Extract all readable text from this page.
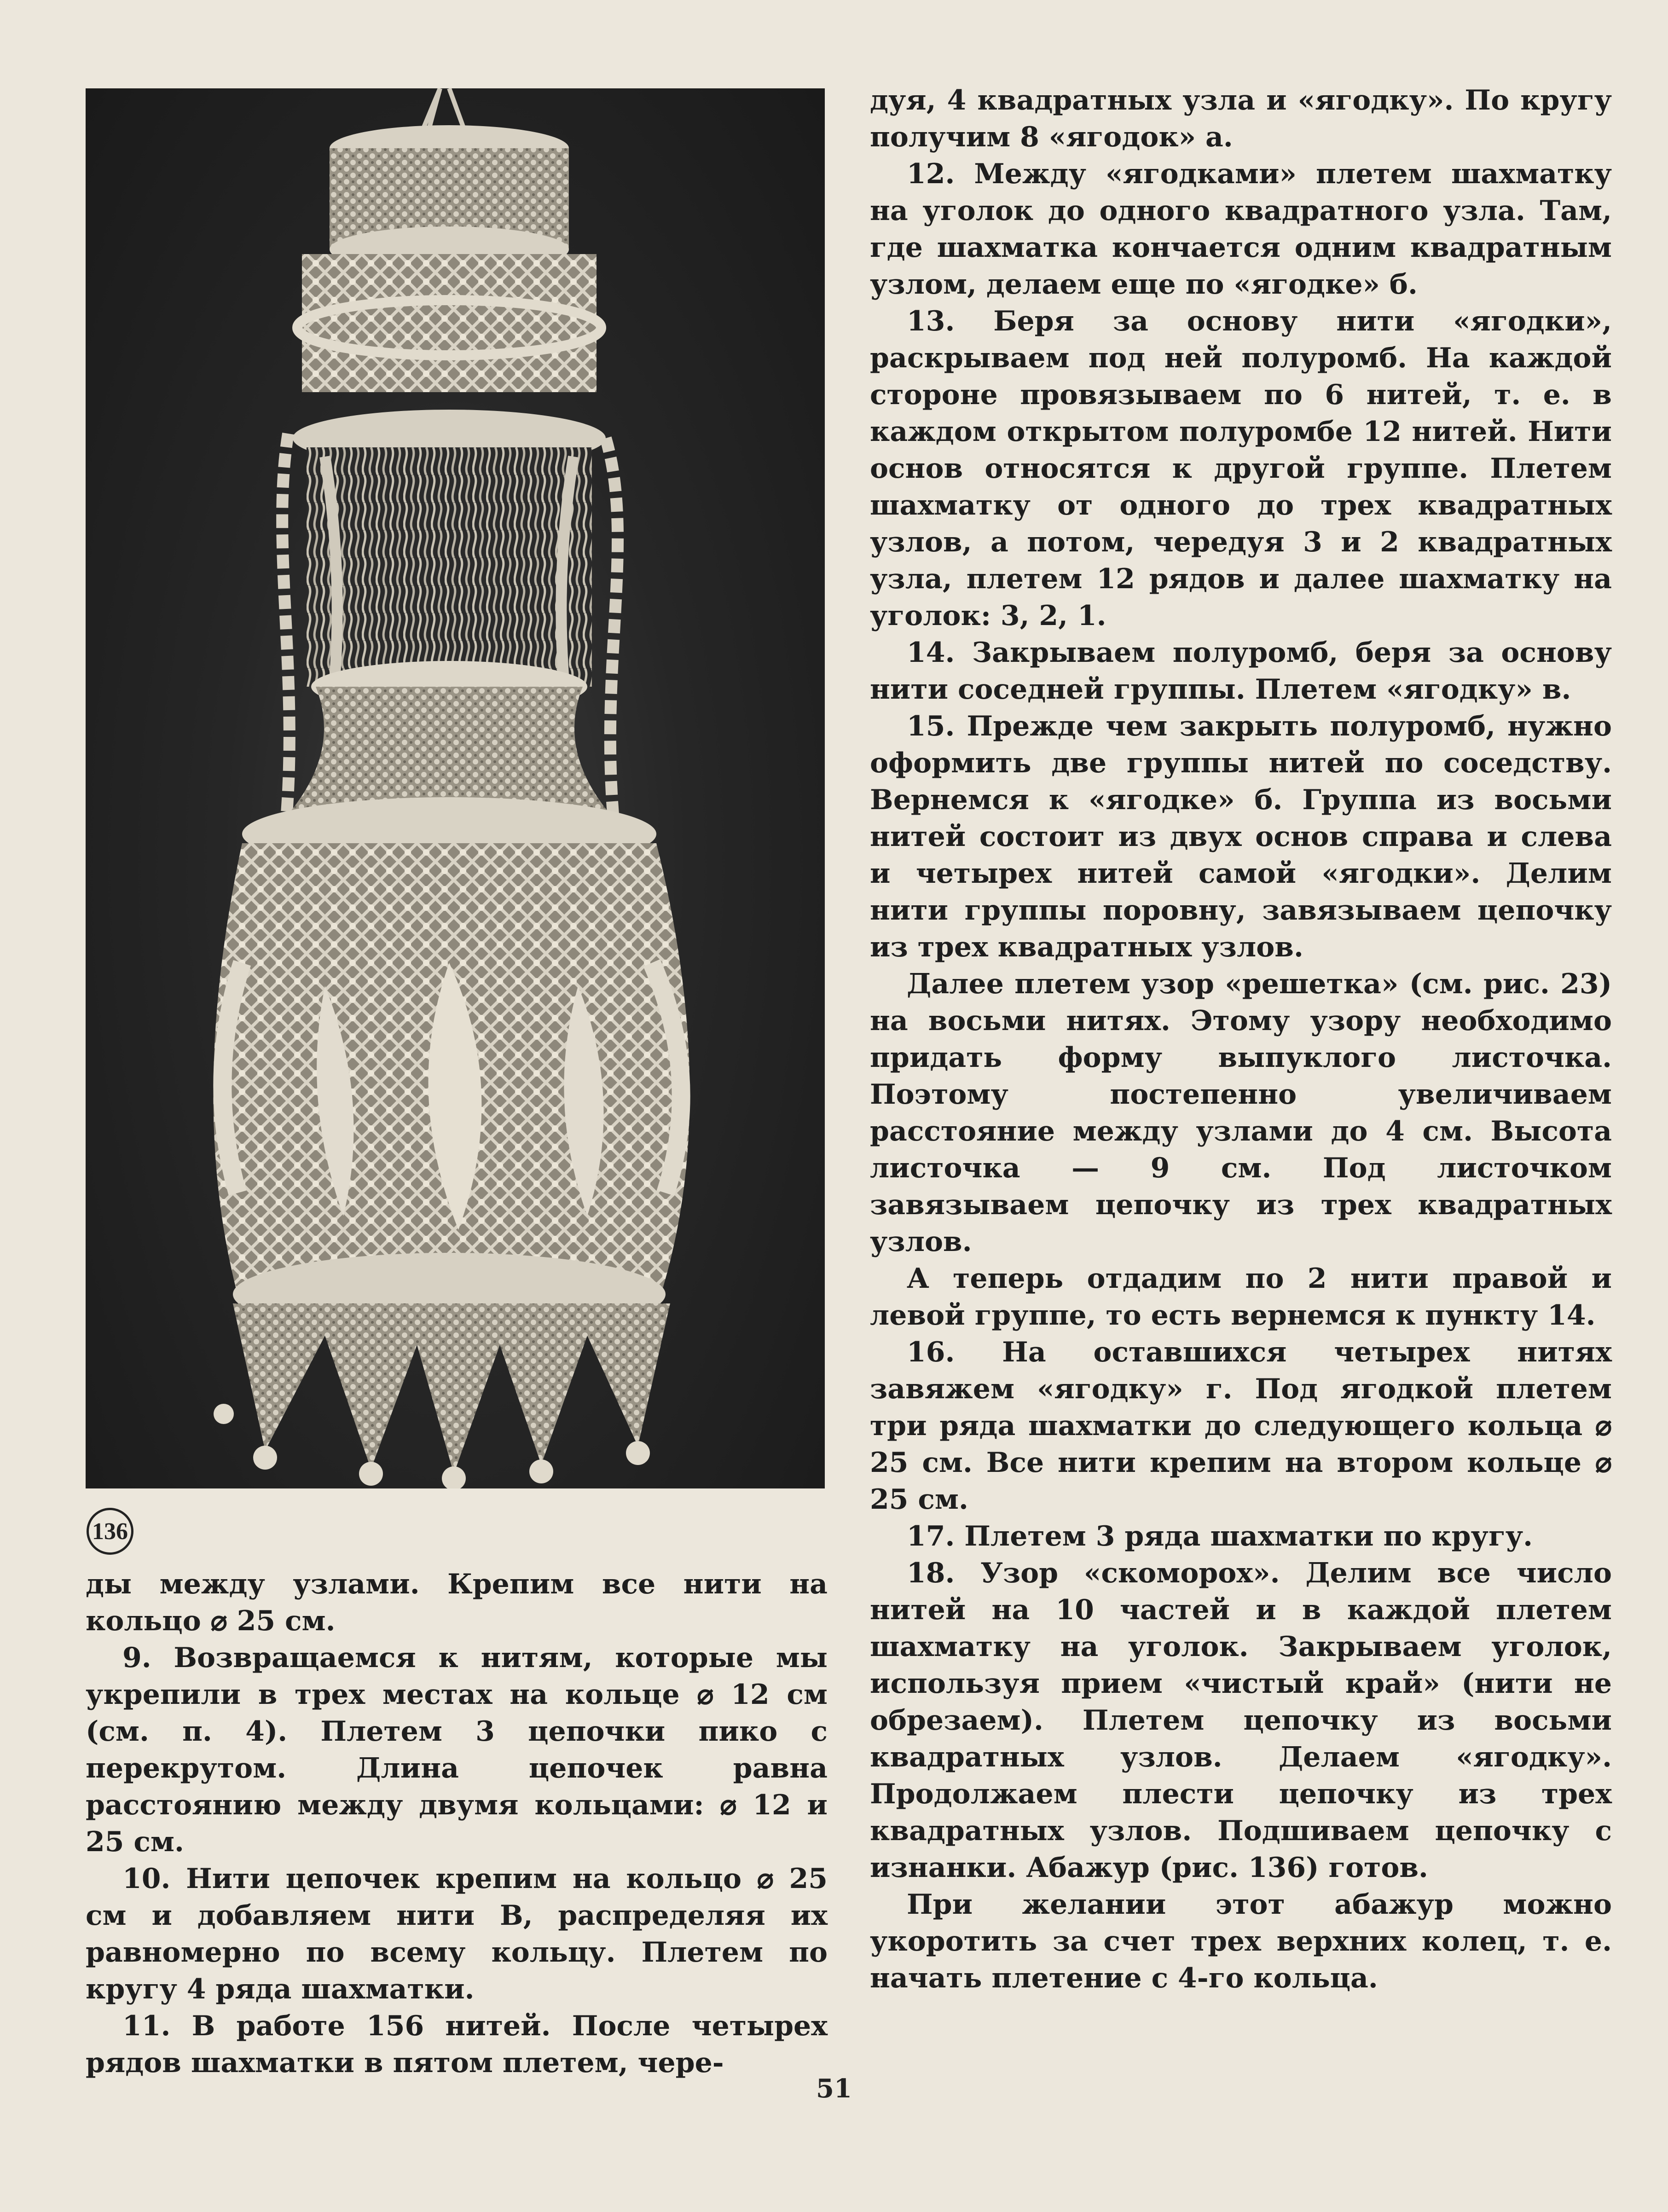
136

ды между узлами. Крепим все нити на кольцо ⌀ 25 см.

9. Возвращаемся к нитям, которые мы укрепили в трех местах на кольце ⌀ 12 см (см. п. 4). Плетем 3 цепочки пико с перекрутом. Длина цепочек равна расстоянию между двумя кольцами: ⌀ 12 и 25 см.

10. Нити цепочек крепим на кольцо ⌀ 25 см и добавляем нити В, распределяя их равномерно по всему кольцу. Плетем по кругу 4 ряда шахматки.

11. В работе 156 нитей. После четырех рядов шахматки в пятом плетем, чере-

дуя, 4 квадратных узла и «ягодку». По кругу получим 8 «ягодок» а.

12. Между «ягодками» плетем шахматку на уголок до одного квадратного узла. Там, где шахматка кончается одним квадратным узлом, делаем еще по «ягодке» б.

13. Беря за основу нити «ягодки», раскрываем под ней полуромб. На каждой стороне провязываем по 6 нитей, т. е. в каждом открытом полуромбе 12 нитей. Нити основ относятся к другой группе. Плетем шахматку от одного до трех квадратных узлов, а потом, чередуя 3 и 2 квадратных узла, плетем 12 рядов и далее шахматку на уголок: 3, 2, 1.

14. Закрываем полуромб, беря за основу нити соседней группы. Плетем «ягодку» в.

15. Прежде чем закрыть полуромб, нужно оформить две группы нитей по соседству. Вернемся к «ягодке» б. Группа из восьми нитей состоит из двух основ справа и слева и четырех нитей самой «ягодки». Делим нити группы поровну, завязываем цепочку из трех квадратных узлов.

Далее плетем узор «решетка» (см. рис. 23) на восьми нитях. Этому узору необходимо придать форму выпуклого листочка. Поэтому постепенно увеличиваем расстояние между узлами до 4 см. Высота листочка — 9 см. Под листочком завязываем цепочку из трех квадратных узлов.

А теперь отдадим по 2 нити правой и левой группе, то есть вернемся к пункту 14.

16. На оставшихся четырех нитях завяжем «ягодку» г. Под ягодкой плетем три ряда шахматки до следующего кольца ⌀ 25 см. Все нити крепим на втором кольце ⌀ 25 см.

17. Плетем 3 ряда шахматки по кругу.

18. Узор «скоморох». Делим все число нитей на 10 частей и в каждой плетем шахматку на уголок. Закрываем уголок, используя прием «чистый край» (нити не обрезаем). Плетем цепочку из восьми квадратных узлов. Делаем «ягодку». Продолжаем плести цепочку из трех квадратных узлов. Подшиваем цепочку с изнанки. Абажур (рис. 136) готов.

При желании этот абажур можно укоротить за счет трех верхних колец, т. е. начать плетение с 4-го кольца.

51
